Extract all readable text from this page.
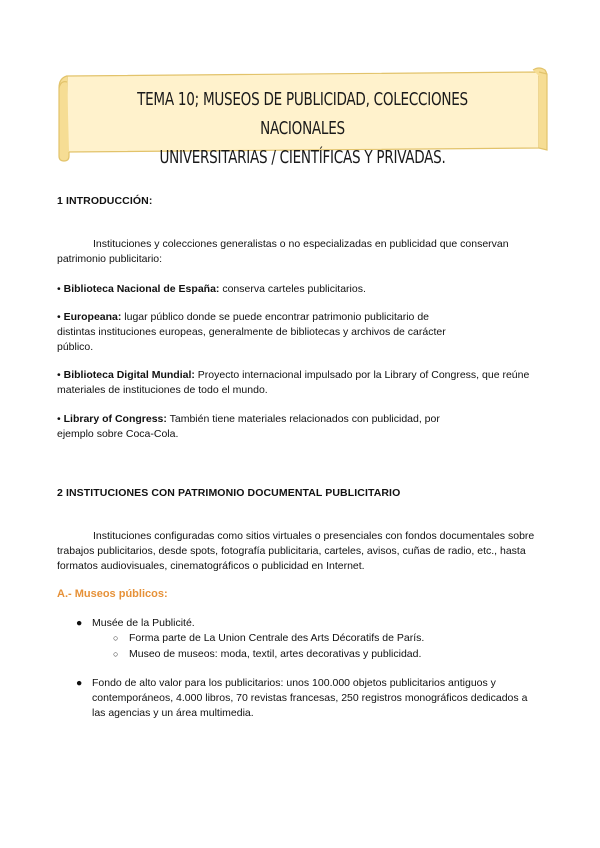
TEMA 10; MUSEOS DE PUBLICIDAD, COLECCIONES NACIONALES
UNIVERSITARIAS / CIENTÍFICAS Y PRIVADAS.
1 INTRODUCCIÓN:
Instituciones y colecciones generalistas o no especializadas en publicidad que conservan patrimonio publicitario:
• Biblioteca Nacional de España: conserva carteles publicitarios.
• Europeana: lugar público donde se puede encontrar patrimonio publicitario de distintas instituciones europeas, generalmente de bibliotecas y archivos de carácter público.
• Biblioteca Digital Mundial: Proyecto internacional impulsado por la Library of Congress, que reúne materiales de instituciones de todo el mundo.
• Library of Congress: También tiene materiales relacionados con publicidad, por ejemplo sobre Coca-Cola.
2 INSTITUCIONES CON PATRIMONIO DOCUMENTAL PUBLICITARIO
Instituciones configuradas como sitios virtuales o presenciales con fondos documentales sobre trabajos publicitarios, desde spots, fotografía publicitaria, carteles, avisos, cuñas de radio, etc., hasta formatos audiovisuales, cinematográficos o publicidad en Internet.
A.- Museos públicos:
● Musée de la Publicité.
○ Forma parte de La Union Centrale des Arts Décoratifs de París.
○ Museo de museos: moda, textil, artes decorativas y publicidad.
● Fondo de alto valor para los publicitarios: unos 100.000 objetos publicitarios antiguos y contemporáneos, 4.000 libros, 70 revistas francesas, 250 registros monográficos dedicados a las agencias y un área multimedia.
